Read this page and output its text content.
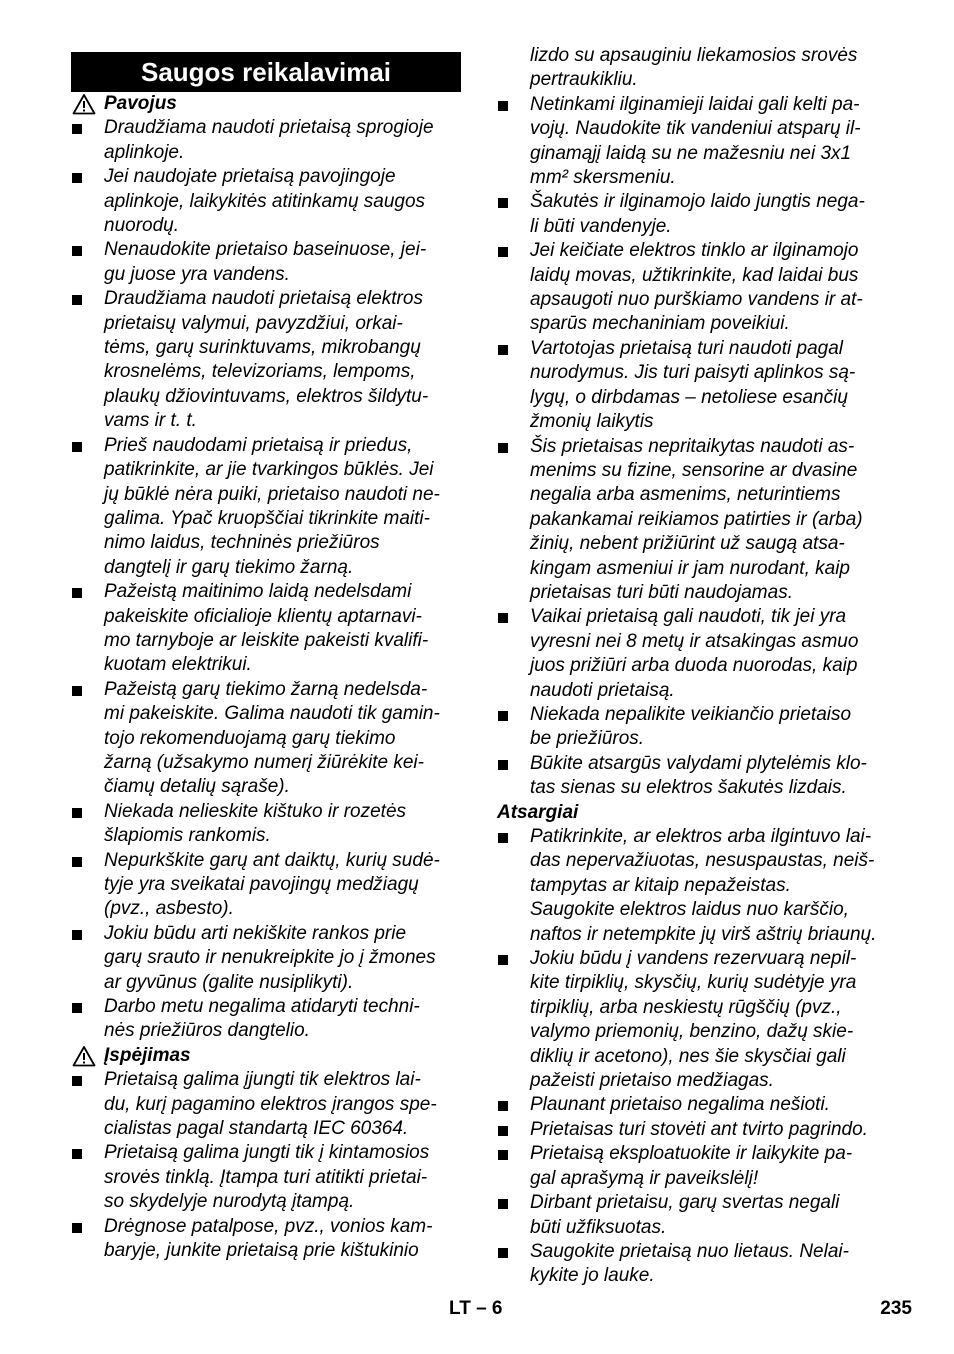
Saugos reikalavimai
Pavojus
Draudžiama naudoti prietaisą sprogioje
aplinkoje.
Jei naudojate prietaisą pavojingoje
aplinkoje, laikykitės atitinkamų saugos
nuorodų.
Nenaudokite prietaiso baseinuose, jei-
gu juose yra vandens.
Draudžiama naudoti prietaisą elektros
prietaisų valymui, pavyzdžiui, orkai-
tėms, garų surinktuvams, mikrobangų
krosnelėms, televizoriams, lempoms,
plaukų džiovintuvams, elektros šildytu-
vams ir t. t.
Prieš naudodami prietaisą ir priedus,
patikrinkite, ar jie tvarkingos būklės. Jei
jų būklė nėra puiki, prietaiso naudoti ne-
galima. Ypač kruopščiai tikrinkite maiti-
nimo laidus, techninės priežiūros
dangtelį ir garų tiekimo žarną.
Pažeistą maitinimo laidą nedelsdami
pakeiskite oficialioje klientų aptarnavi-
mo tarnyboje ar leiskite pakeisti kvalifi-
kuotam elektrikui.
Pažeistą garų tiekimo žarną nedelsda-
mi pakeiskite. Galima naudoti tik gamin-
tojo rekomenduojamą garų tiekimo
žarną (užsakymo numerį žiūrėkite kei-
čiamų detalių sąraše).
Niekada nelieskite kištuko ir rozetės
šlapiomis rankomis.
Nepurkškite garų ant daiktų, kurių sudė-
tyje yra sveikatai pavojingų medžiagų
(pvz., asbesto).
Jokiu būdu arti nekiškite rankos prie
garų srauto ir nenukreipkite jo į žmones
ar gyvūnus (galite nusiplikyti).
Darbo metu negalima atidaryti techni-
nės priežiūros dangtelio.
Įspėjimas
Prietaisą galima įjungti tik elektros lai-
du, kurį pagamino elektros įrangos spe-
cialistas pagal standartą IEC 60364.
Prietaisą galima jungti tik į kintamosios
srovės tinklą. Įtampa turi atitikti prietai-
so skydelyje nurodytą įtampą.
Drėgnose patalpose, pvz., vonios kam-
baryje, junkite prietaisą prie kištukinio
lizdo su apsauginiu liekamosios srovės
pertraukikliu.
Netinkami ilginamieji laidai gali kelti pa-
vojų. Naudokite tik vandeniui atsparų il-
ginamąjį laidą su ne mažesniu nei 3x1
mm² skersmeniu.
Šakutės ir ilginamojo laido jungtis nega-
li būti vandenyje.
Jei keičiate elektros tinklo ar ilginamojo
laidų movas, užtikrinkite, kad laidai bus
apsaugoti nuo purškiamo vandens ir at-
sparūs mechaniniam poveikiui.
Vartotojas prietaisą turi naudoti pagal
nurodymus. Jis turi paisyti aplinkos są-
lygų, o dirbdamas – netoliese esančių
žmonių laikytis
Šis prietaisas nepritaikytas naudoti as-
menims su fizine, sensorine ar dvasine
negalia arba asmenims, neturintiems
pakankamai reikiamos patirties ir (arba)
žinių, nebent prižiūrint už saugą atsa-
kingam asmeniui ir jam nurodant, kaip
prietaisas turi būti naudojamas.
Vaikai prietaisą gali naudoti, tik jei yra
vyresni nei 8 metų ir atsakingas asmuo
juos prižiūri arba duoda nuorodas, kaip
naudoti prietaisą.
Niekada nepalikite veikiančio prietaiso
be priežiūros.
Būkite atsargūs valydami plytelėmis klo-
tas sienas su elektros šakutės lizdais.
Atsargiai
Patikrinkite, ar elektros arba ilgintuvo lai-
das nepervažiuotas, nesuspaustas, neiš-
tampytas ar kitaip nepažeistas.
Saugokite elektros laidus nuo karščio,
naftos ir netempkite jų virš aštrių briaunų.
Jokiu būdu į vandens rezervuarą nepil-
kite tirpiklių, skysčių, kurių sudėtyje yra
tirpiklių, arba neskiestų rūgščių (pvz.,
valymo priemonių, benzino, dažų skie-
diklių ir acetono), nes šie skysčiai gali
pažeisti prietaiso medžiagas.
Plaunant prietaiso negalima nešioti.
Prietaisas turi stovėti ant tvirto pagrindo.
Prietaisą eksploatuokite ir laikykite pa-
gal aprašymą ir paveikslėlį!
Dirbant prietaisu, garų svertas negali
būti užfiksuotas.
Saugokite prietaisą nuo lietaus. Nelai-
kykite jo lauke.
LT – 6	235
